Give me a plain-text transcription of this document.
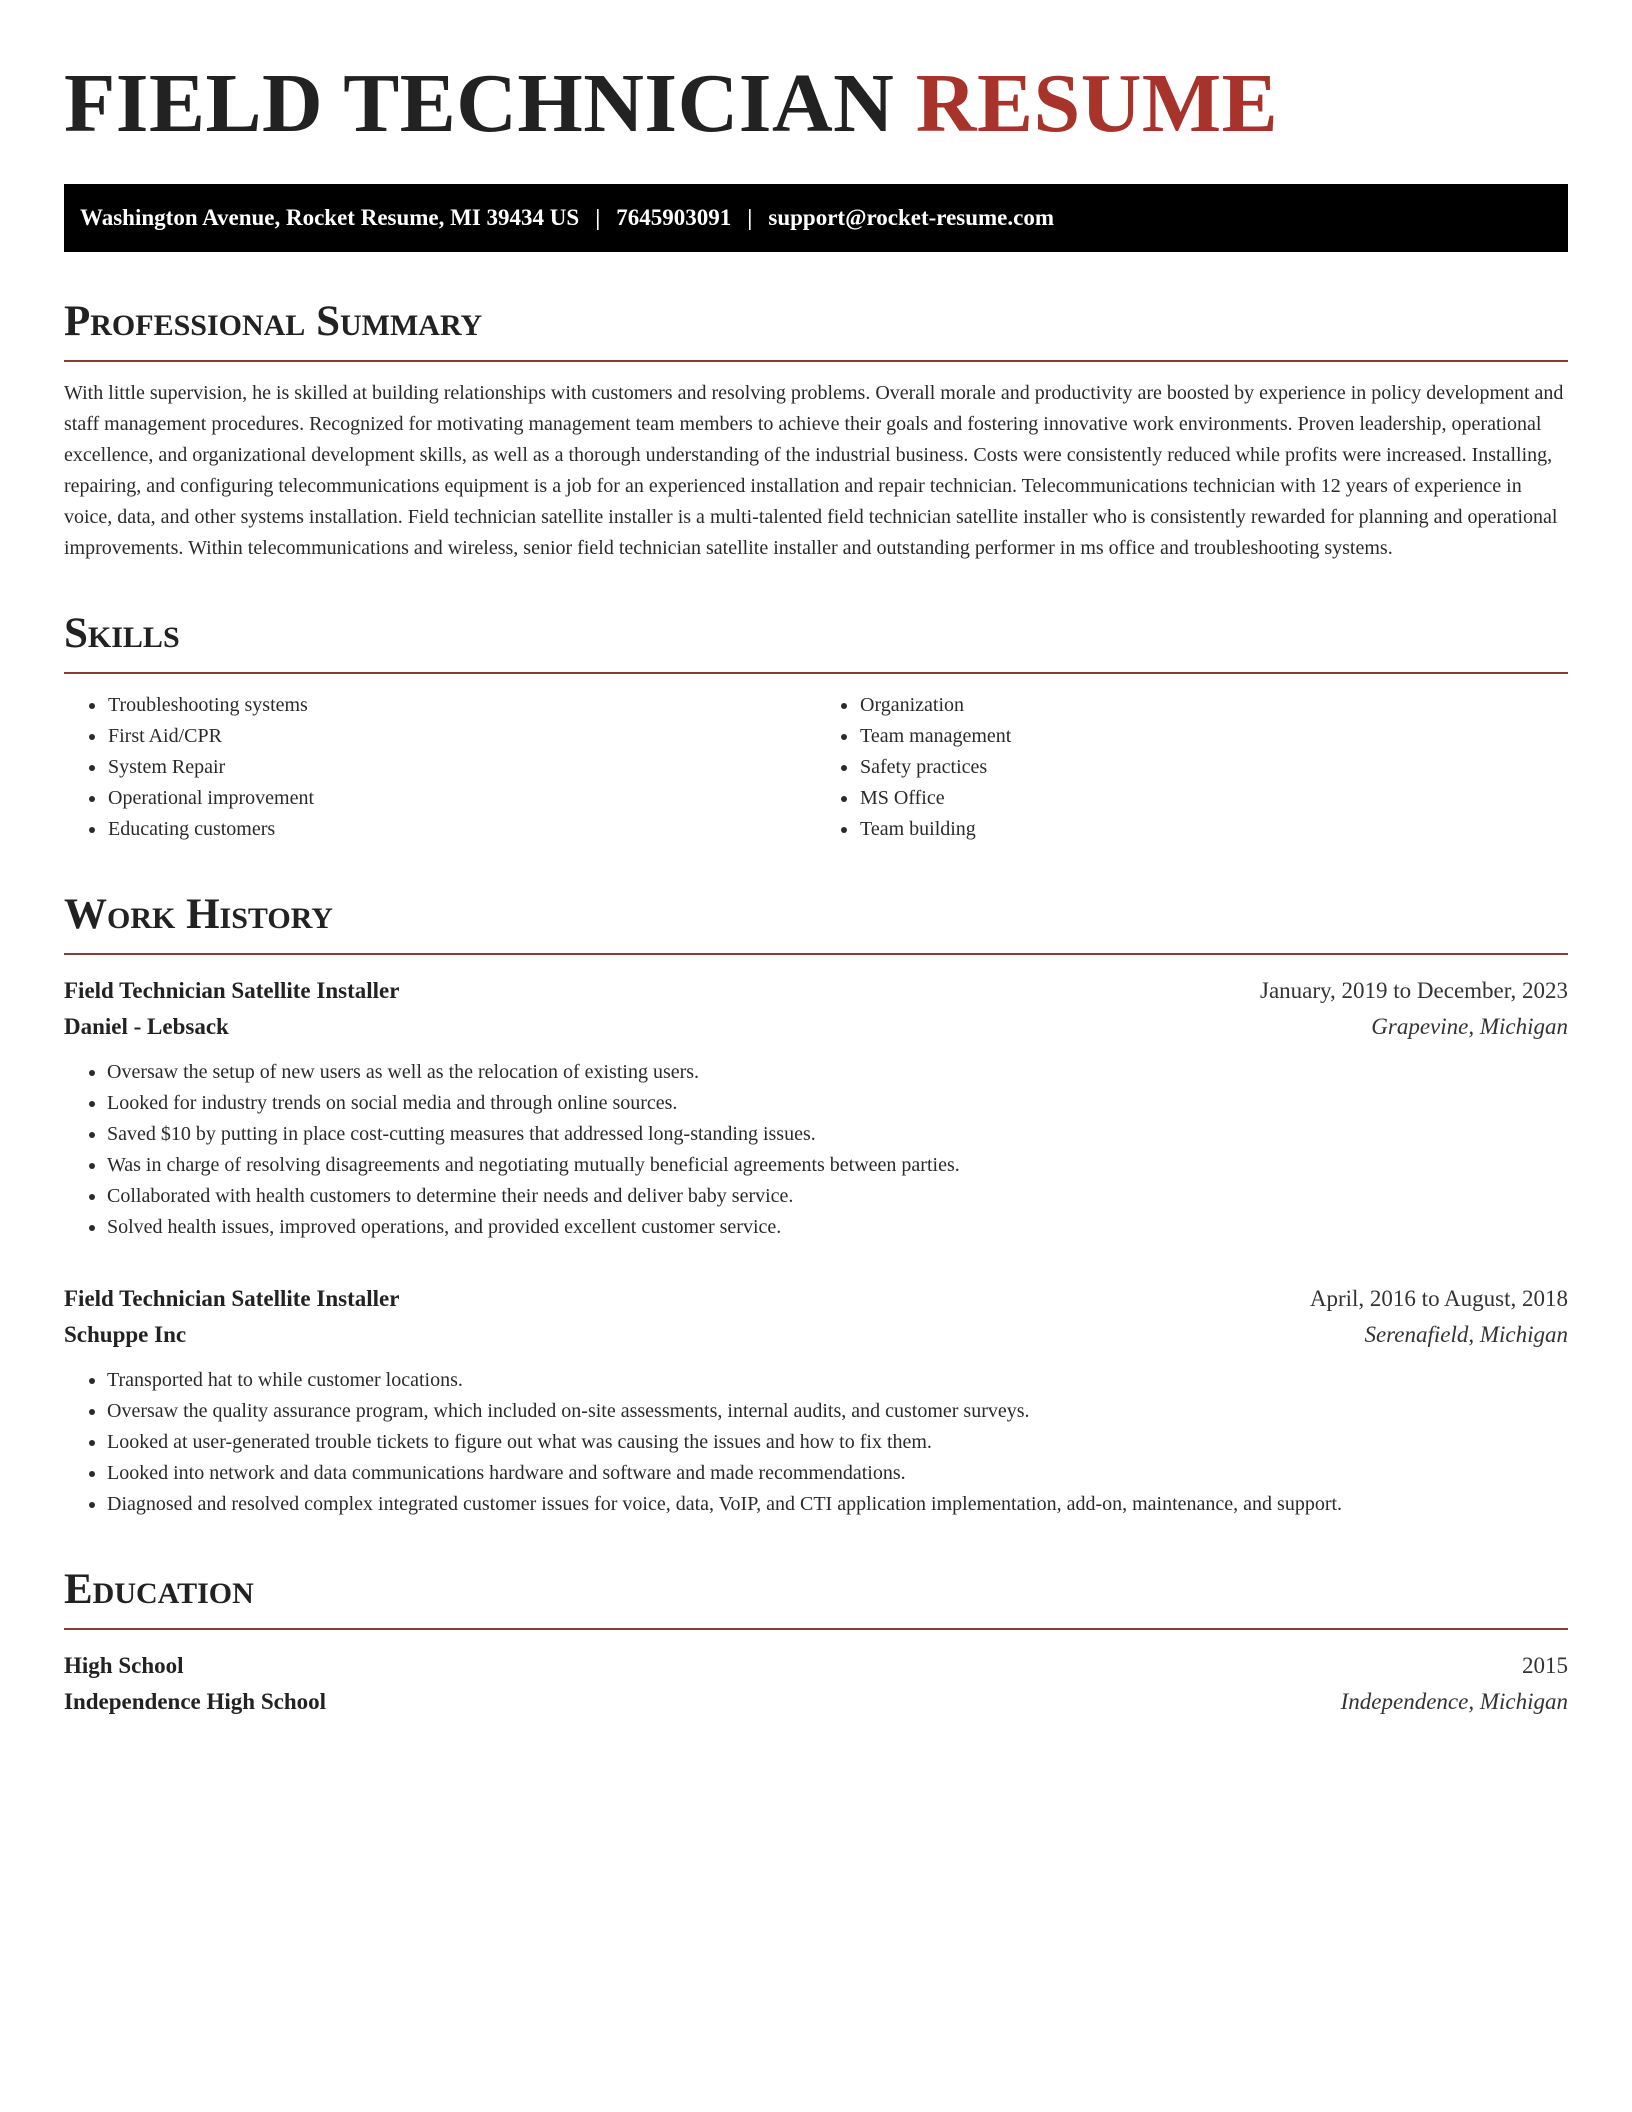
FIELD TECHNICIAN RESUME
Washington Avenue, Rocket Resume, MI 39434 US | 7645903091 | support@rocket-resume.com
Professional Summary

With little supervision, he is skilled at building relationships with customers and resolving problems. Overall morale and productivity are boosted by experience in policy development and staff management procedures. Recognized for motivating management team members to achieve their goals and fostering innovative work environments. Proven leadership, operational excellence, and organizational development skills, as well as a thorough understanding of the industrial business. Costs were consistently reduced while profits were increased. Installing, repairing, and configuring telecommunications equipment is a job for an experienced installation and repair technician. Telecommunications technician with 12 years of experience in voice, data, and other systems installation. Field technician satellite installer is a multi-talented field technician satellite installer who is consistently rewarded for planning and operational improvements. Within telecommunications and wireless, senior field technician satellite installer and outstanding performer in ms office and troubleshooting systems.

Skills
• Troubleshooting systems
• First Aid/CPR
• System Repair
• Operational improvement
• Educating customers
• Organization
• Team management
• Safety practices
• MS Office
• Team building
Work History
Field Technician Satellite Installer	January, 2019 to December, 2023
Daniel - Lebsack	Grapevine, Michigan
• Oversaw the setup of new users as well as the relocation of existing users.
• Looked for industry trends on social media and through online sources.
• Saved $10 by putting in place cost-cutting measures that addressed long-standing issues.
• Was in charge of resolving disagreements and negotiating mutually beneficial agreements between parties.
• Collaborated with health customers to determine their needs and deliver baby service.
• Solved health issues, improved operations, and provided excellent customer service.
Field Technician Satellite Installer	April, 2016 to August, 2018
Schuppe Inc	Serenafield, Michigan
• Transported hat to while customer locations.
• Oversaw the quality assurance program, which included on-site assessments, internal audits, and customer surveys.
• Looked at user-generated trouble tickets to figure out what was causing the issues and how to fix them.
• Looked into network and data communications hardware and software and made recommendations.
• Diagnosed and resolved complex integrated customer issues for voice, data, VoIP, and CTI application implementation, add-on, maintenance, and support.
Education
High School	2015
Independence High School	Independence, Michigan
